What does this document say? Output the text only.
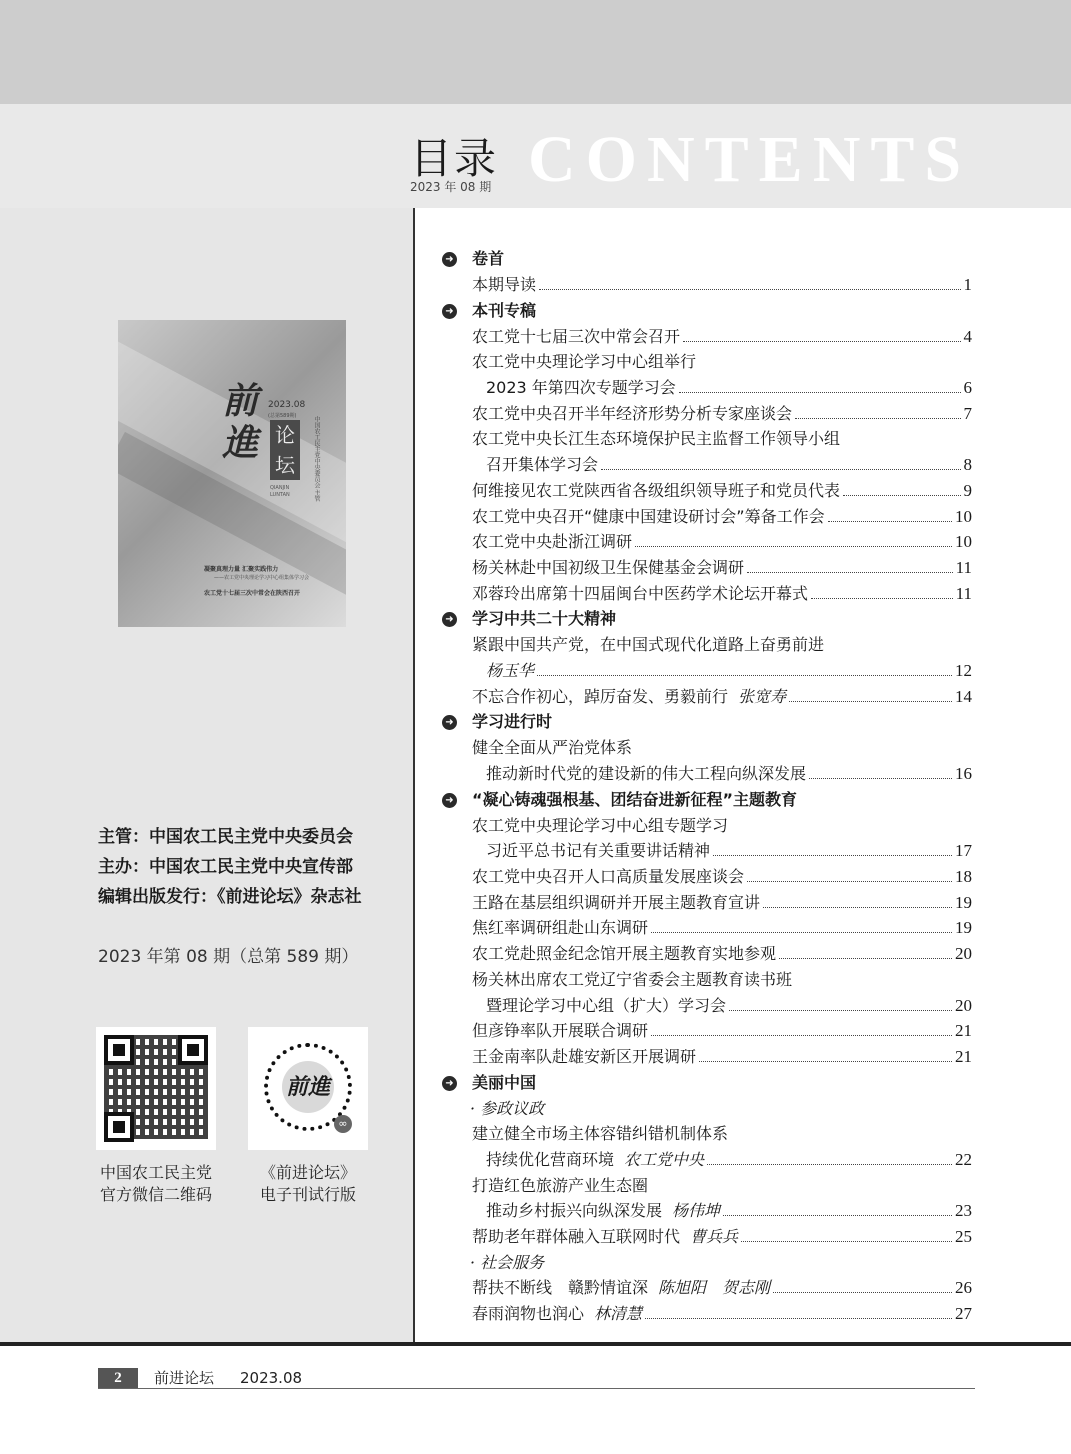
目录
2023 年 08 期 CONTENTS
前進
2023.08
(总第589期)
论坛
QIANJIN LUNTAN	中国农工民主党中央委员会 主管
凝聚真理力量 汇聚实践伟力
——农工党中央理论学习中心组集体学习会
农工党十七届三次中常会在陕西召开
主管：中国农工民主党中央委员会
主办：中国农工民主党中央宣传部
编辑出版发行：《前进论坛》杂志社
2023 年第 08 期（总第 589 期）
前進
∞
中国农工民主党
官方微信二维码
《前进论坛》
电子刊试行版
➜ 卷首
本期导读	1
➜ 本刊专稿
农工党十七届三次中常会召开	4
农工党中央理论学习中心组举行
2023 年第四次专题学习会	6
农工党中央召开半年经济形势分析专家座谈会	7
农工党中央长江生态环境保护民主监督工作领导小组
召开集体学习会	8
何维接见农工党陕西省各级组织领导班子和党员代表	9
农工党中央召开“健康中国建设研讨会”筹备工作会	10
农工党中央赴浙江调研	10
杨关林赴中国初级卫生保健基金会调研	11
邓蓉玲出席第十四届闽台中医药学术论坛开幕式	11
➜ 学习中共二十大精神
紧跟中国共产党，在中国式现代化道路上奋勇前进
杨玉华	12
不忘合作初心，踔厉奋发、勇毅前行 张宽寿	14
➜ 学习进行时
健全全面从严治党体系
推动新时代党的建设新的伟大工程向纵深发展	16
➜ “凝心铸魂强根基、团结奋进新征程”主题教育
农工党中央理论学习中心组专题学习
习近平总书记有关重要讲话精神	17
农工党中央召开人口高质量发展座谈会	18
王路在基层组织调研并开展主题教育宣讲	19
焦红率调研组赴山东调研	19
农工党赴照金纪念馆开展主题教育实地参观	20
杨关林出席农工党辽宁省委会主题教育读书班
暨理论学习中心组（扩大）学习会	20
但彦铮率队开展联合调研	21
王金南率队赴雄安新区开展调研	21
➜ 美丽中国
· 参政议政
建立健全市场主体容错纠错机制体系
持续优化营商环境 农工党中央	22
打造红色旅游产业生态圈
推动乡村振兴向纵深发展 杨伟坤	23
帮助老年群体融入互联网时代 曹兵兵	25
· 社会服务
帮扶不断线　赣黔情谊深 陈旭阳　贺志刚	26
春雨润物也润心 林清慧	27
2	前进论坛 2023.08
